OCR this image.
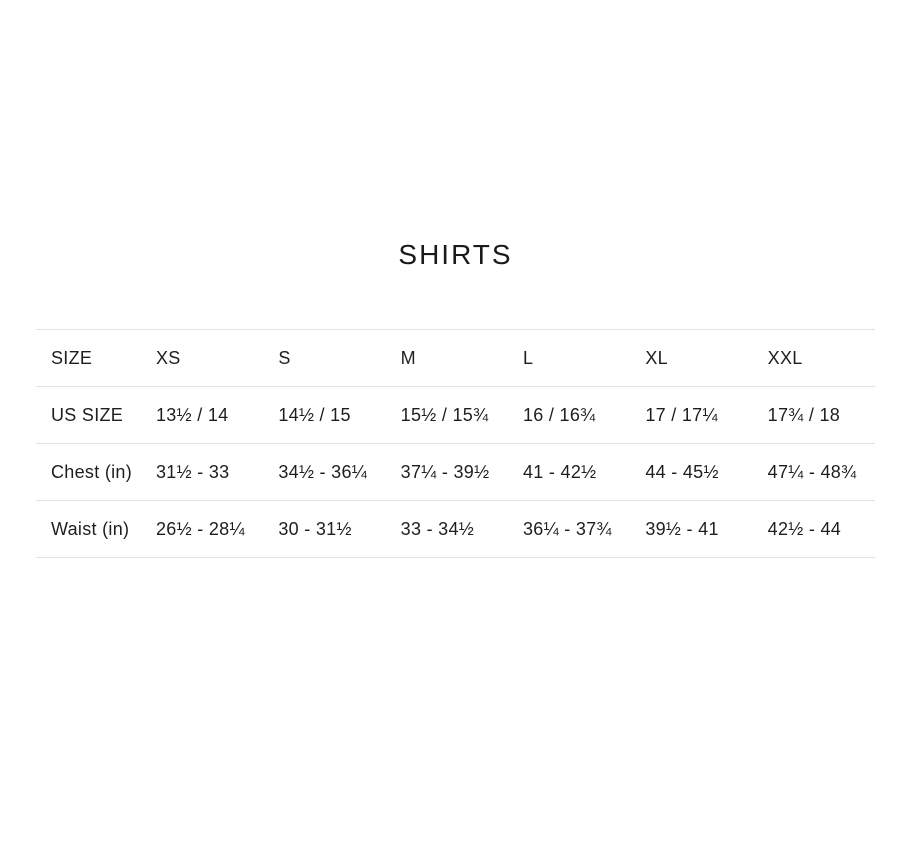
SHIRTS
SIZE	XS	S	M	L	XL	XXL
US SIZE	13½ / 14	14½ / 15	15½ / 15¾	16 / 16¾	17 / 17¼	17¾ / 18
Chest (in)	31½ - 33	34½ - 36¼	37¼ - 39½	41 - 42½	44 - 45½	47¼ - 48¾
Waist (in)	26½ - 28¼	30 - 31½	33 - 34½	36¼ - 37¾	39½ - 41	42½ - 44
